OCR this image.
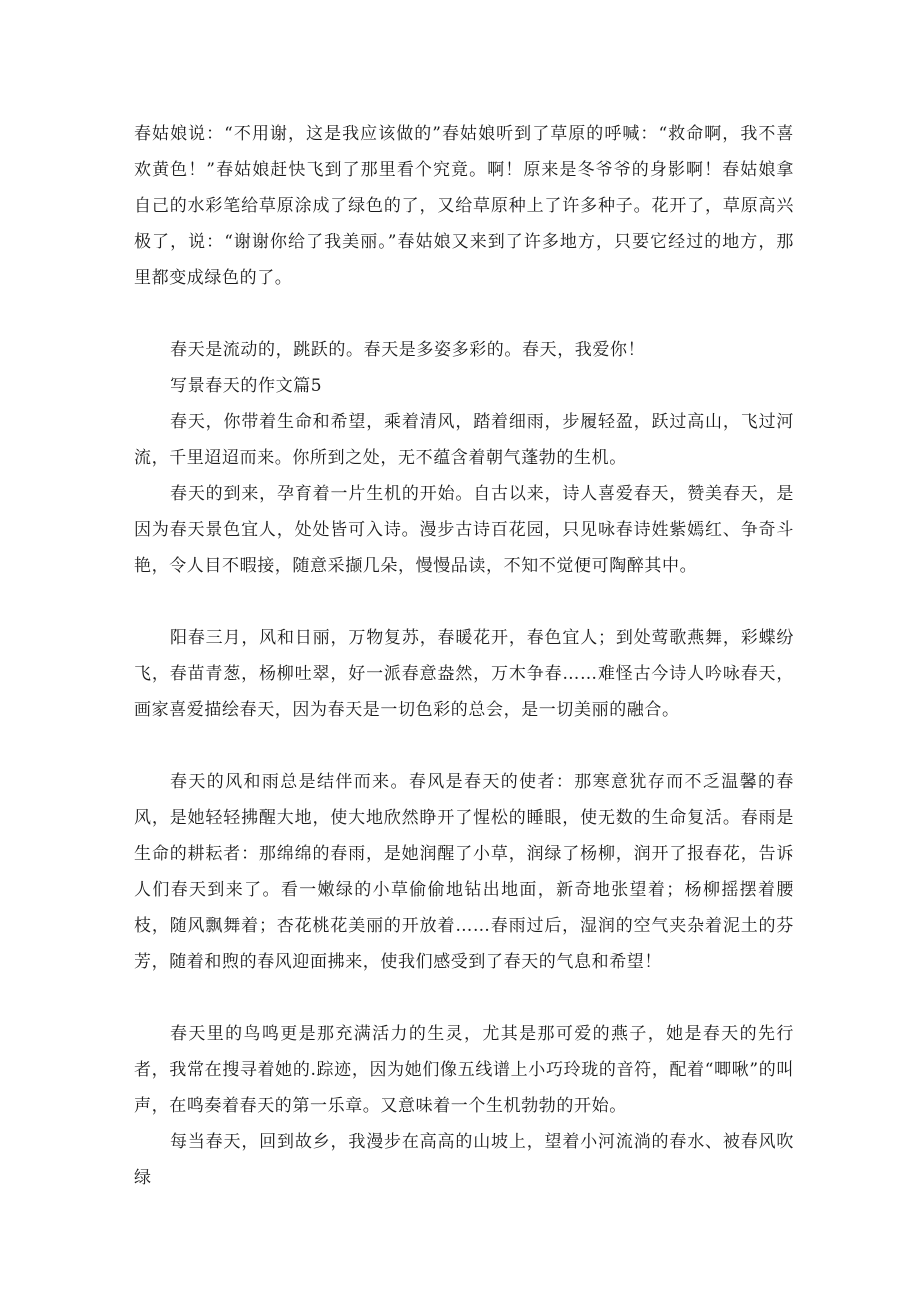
春姑娘说：“不用谢，这是我应该做的”春姑娘听到了草原的呼喊：“救命啊，我不喜欢黄色！”春姑娘赶快飞到了那里看个究竟。啊！原来是冬爷爷的身影啊！春姑娘拿自己的水彩笔给草原涂成了绿色的了，又给草原种上了许多种子。花开了，草原高兴极了，说：“谢谢你给了我美丽。”春姑娘又来到了许多地方，只要它经过的地方，那里都变成绿色的了。

春天是流动的，跳跃的。春天是多姿多彩的。春天，我爱你！

写景春天的作文篇5

春天，你带着生命和希望，乘着清风，踏着细雨，步履轻盈，跃过高山，飞过河流，千里迢迢而来。你所到之处，无不蕴含着朝气蓬勃的生机。

春天的到来，孕育着一片生机的开始。自古以来，诗人喜爱春天，赞美春天，是因为春天景色宜人，处处皆可入诗。漫步古诗百花园，只见咏春诗姓紫嫣红、争奇斗艳，令人目不暇接，随意采撷几朵，慢慢品读，不知不觉便可陶醉其中。

阳春三月，风和日丽，万物复苏，春暖花开，春色宜人；到处莺歌燕舞，彩蝶纷飞，春苗青葱，杨柳吐翠，好一派春意盎然，万木争春……难怪古今诗人吟咏春天，画家喜爱描绘春天，因为春天是一切色彩的总会，是一切美丽的融合。

春天的风和雨总是结伴而来。春风是春天的使者：那寒意犹存而不乏温馨的春风，是她轻轻拂醒大地，使大地欣然睁开了惺松的睡眼，使无数的生命复活。春雨是生命的耕耘者：那绵绵的春雨，是她润醒了小草，润绿了杨柳，润开了报春花，告诉人们春天到来了。看一嫩绿的小草偷偷地钻出地面，新奇地张望着；杨柳摇摆着腰枝，随风飘舞着；杏花桃花美丽的开放着……春雨过后，湿润的空气夹杂着泥土的芬芳，随着和煦的春风迎面拂来，使我们感受到了春天的气息和希望！

春天里的鸟鸣更是那充满活力的生灵，尤其是那可爱的燕子，她是春天的先行者，我常在搜寻着她的.踪迹，因为她们像五线谱上小巧玲珑的音符，配着“唧啾”的叫声，在鸣奏着春天的第一乐章。又意味着一个生机勃勃的开始。

每当春天，回到故乡，我漫步在高高的山坡上，望着小河流淌的春水、被春风吹绿
